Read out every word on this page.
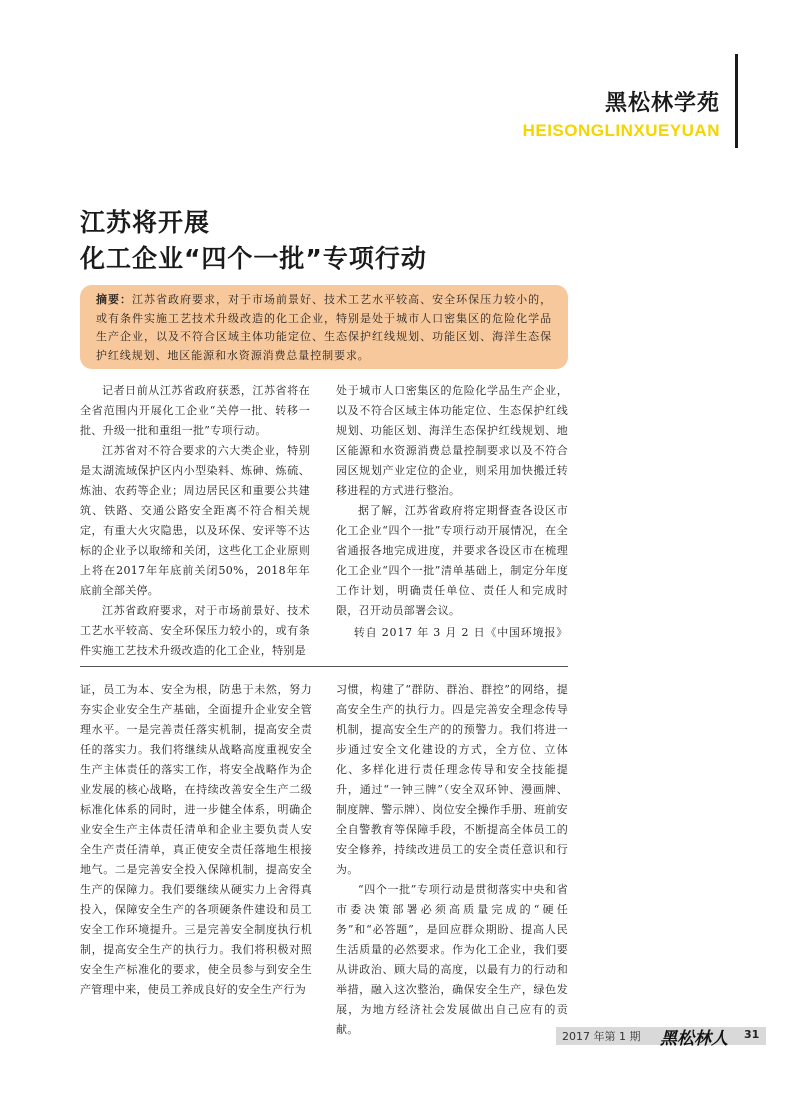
黑松林学苑
HEISONGLINXUEYUAN
江苏将开展
化工企业“四个一批”专项行动
摘要：江苏省政府要求，对于市场前景好、技术工艺水平较高、安全环保压力较小的，或有条件实施工艺技术升级改造的化工企业，特别是处于城市人口密集区的危险化学品生产企业，以及不符合区域主体功能定位、生态保护红线规划、功能区划、海洋生态保护红线规划、地区能源和水资源消费总量控制要求。

记者日前从江苏省政府获悉，江苏省将在全省范围内开展化工企业“关停一批、转移一批、升级一批和重组一批”专项行动。

江苏省对不符合要求的六大类企业，特别是太湖流域保护区内小型染料、炼砷、炼硫、炼油、农药等企业；周边居民区和重要公共建筑、铁路、交通公路安全距离不符合相关规定，有重大火灾隐患，以及环保、安评等不达标的企业予以取缔和关闭，这些化工企业原则上将在2017年年底前关闭50%，2018年年底前全部关停。

江苏省政府要求，对于市场前景好、技术工艺水平较高、安全环保压力较小的，或有条件实施工艺技术升级改造的化工企业，特别是

处于城市人口密集区的危险化学品生产企业，以及不符合区域主体功能定位、生态保护红线规划、功能区划、海洋生态保护红线规划、地区能源和水资源消费总量控制要求以及不符合园区规划产业定位的企业，则采用加快搬迁转移进程的方式进行整治。

据了解，江苏省政府将定期督查各设区市化工企业“四个一批”专项行动开展情况，在全省通报各地完成进度，并要求各设区市在梳理化工企业“四个一批”清单基础上，制定分年度工作计划，明确责任单位、责任人和完成时限，召开动员部署会议。

转自 2017 年 3 月 2 日《中国环境报》

证，员工为本、安全为根，防患于未然，努力夯实企业安全生产基础，全面提升企业安全管理水平。一是完善责任落实机制，提高安全责任的落实力。我们将继续从战略高度重视安全生产主体责任的落实工作，将安全战略作为企业发展的核心战略，在持续改善安全生产二级标准化体系的同时，进一步健全体系，明确企业安全生产主体责任清单和企业主要负责人安全生产责任清单，真正使安全责任落地生根接地气。二是完善安全投入保障机制，提高安全生产的保障力。我们要继续从硬实力上舍得真投入，保障安全生产的各项硬条件建设和员工安全工作环境提升。三是完善安全制度执行机制，提高安全生产的执行力。我们将积极对照安全生产标准化的要求，使全员参与到安全生产管理中来，使员工养成良好的安全生产行为

习惯，构建了“群防、群治、群控”的网络，提高安全生产的执行力。四是完善安全理念传导机制，提高安全生产的的预警力。我们将进一步通过安全文化建设的方式，全方位、立体化、多样化进行责任理念传导和安全技能提升，通过“一钟三牌”（安全双环钟、漫画牌、制度牌、警示牌）、岗位安全操作手册、班前安全自警教育等保障手段，不断提高全体员工的安全修养，持续改进员工的安全责任意识和行为。

“四个一批”专项行动是贯彻落实中央和省市委决策部署必须高质量完成的“硬任务”和“必答题”，是回应群众期盼、提高人民生活质量的必然要求。作为化工企业，我们要从讲政治、顾大局的高度，以最有力的行动和举措，融入这次整治，确保安全生产，绿色发展，为地方经济社会发展做出自己应有的贡献。

2017 年第 1 期 黑松林人 31
